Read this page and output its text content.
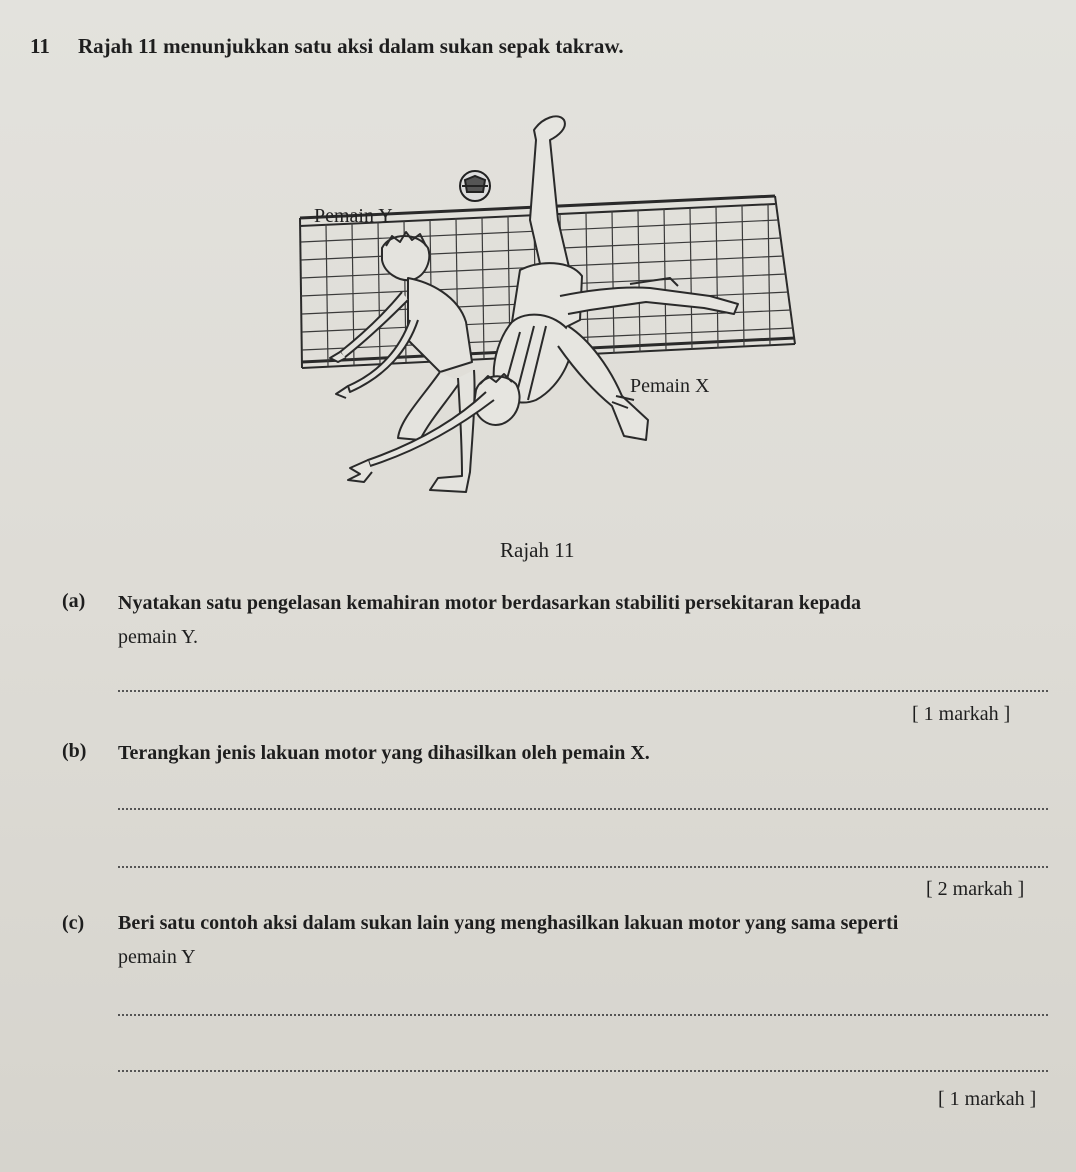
11 Rajah 11 menunjukkan satu aksi dalam sukan sepak takraw.
Pemain Y
Pemain X
Rajah 11
(a) Nyatakan satu pengelasan kemahiran motor berdasarkan stabiliti persekitaran kepada
pemain Y.
[ 1 markah ]
(b) Terangkan jenis lakuan motor yang dihasilkan oleh pemain X.
[ 2 markah ]
(c) Beri satu contoh aksi dalam sukan lain yang menghasilkan lakuan motor yang sama seperti
pemain Y
[ 1 markah ]
